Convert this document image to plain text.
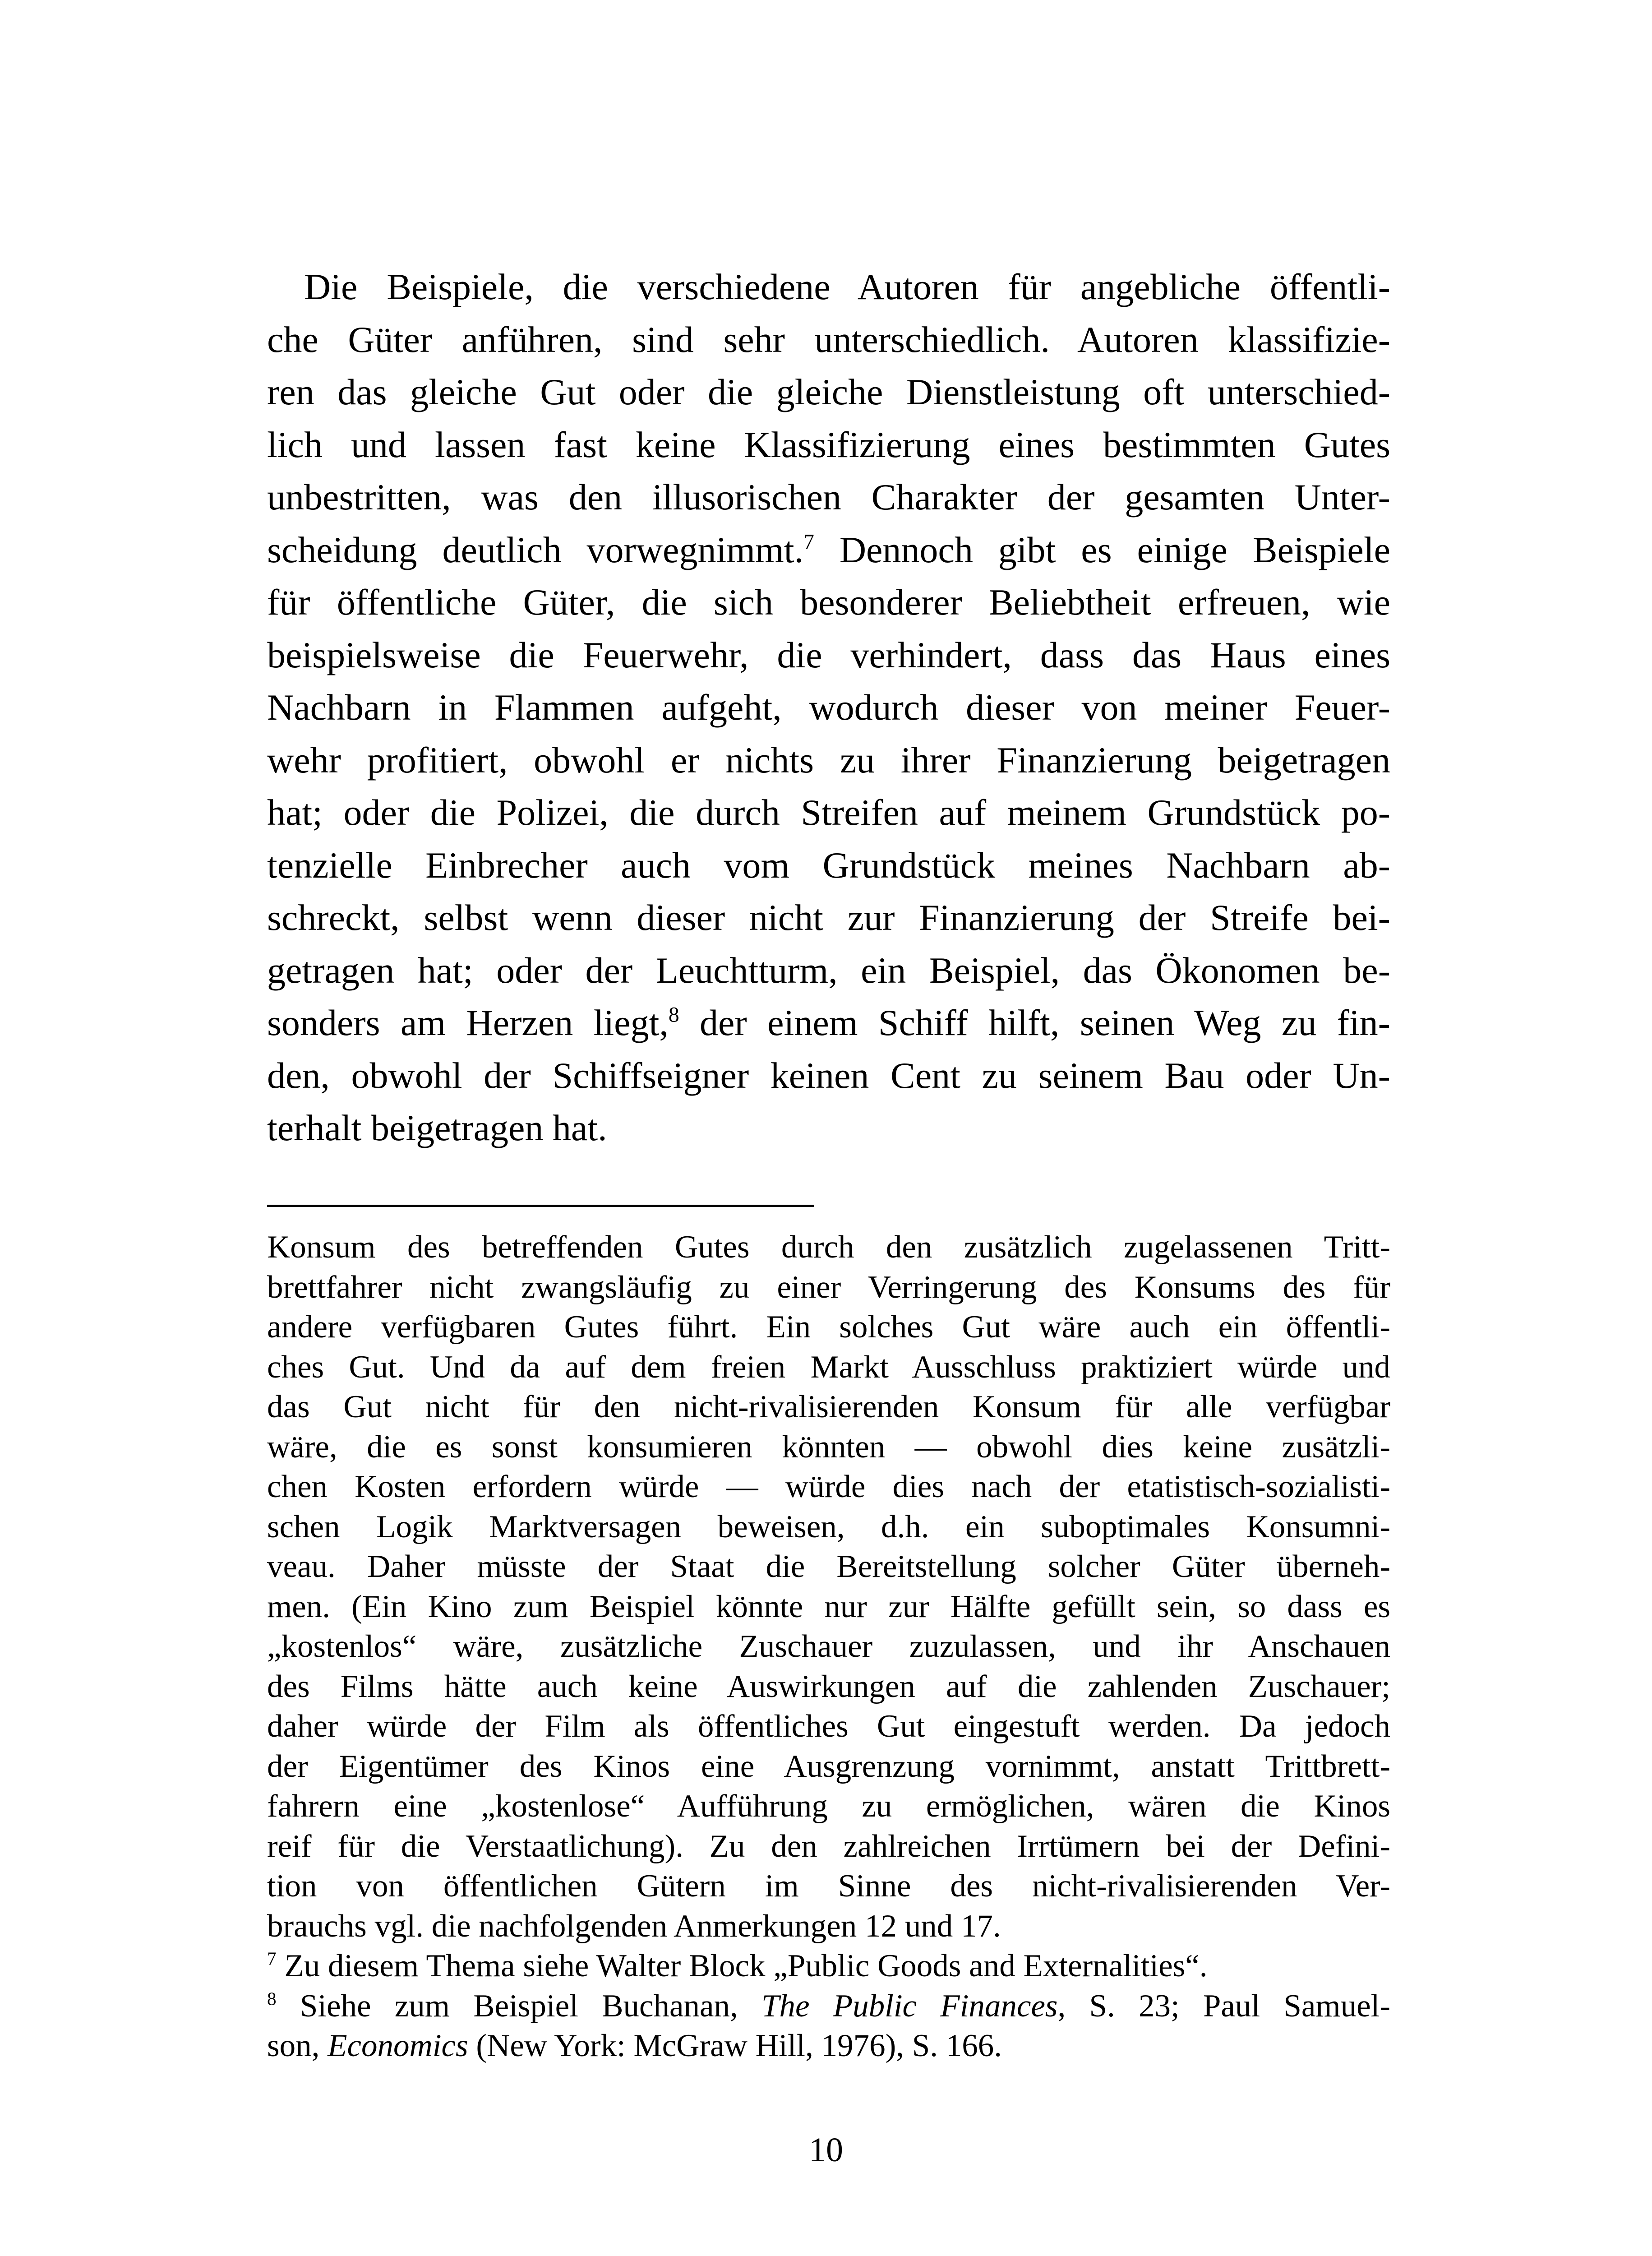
Die Beispiele, die verschiedene Autoren für angebliche öffentli-
che Güter anführen, sind sehr unterschiedlich. Autoren klassifizie-
ren das gleiche Gut oder die gleiche Dienstleistung oft unterschied-
lich und lassen fast keine Klassifizierung eines bestimmten Gutes
unbestritten, was den illusorischen Charakter der gesamten Unter-
scheidung deutlich vorwegnimmt.$^7$ Dennoch gibt es einige Beispiele
für öffentliche Güter, die sich besonderer Beliebtheit erfreuen, wie
beispielsweise die Feuerwehr, die verhindert, dass das Haus eines
Nachbarn in Flammen aufgeht, wodurch dieser von meiner Feuer-
wehr profitiert, obwohl er nichts zu ihrer Finanzierung beigetragen
hat; oder die Polizei, die durch Streifen auf meinem Grundstück po-
tenzielle Einbrecher auch vom Grundstück meines Nachbarn ab-
schreckt, selbst wenn dieser nicht zur Finanzierung der Streife bei-
getragen hat; oder der Leuchtturm, ein Beispiel, das Ökonomen be-
sonders am Herzen liegt,$^8$ der einem Schiff hilft, seinen Weg zu fin-
den, obwohl der Schiffseigner keinen Cent zu seinem Bau oder Un-
terhalt beigetragen hat.
Konsum des betreffenden Gutes durch den zusätzlich zugelassenen Tritt-
brettfahrer nicht zwangsläufig zu einer Verringerung des Konsums des für
andere verfügbaren Gutes führt. Ein solches Gut wäre auch ein öffentli-
ches Gut. Und da auf dem freien Markt Ausschluss praktiziert würde und
das Gut nicht für den nicht-rivalisierenden Konsum für alle verfügbar
wäre, die es sonst konsumieren könnten — obwohl dies keine zusätzli-
chen Kosten erfordern würde — würde dies nach der etatistisch-sozialisti-
schen Logik Marktversagen beweisen, d.h. ein suboptimales Konsumni-
veau. Daher müsste der Staat die Bereitstellung solcher Güter überneh-
men. (Ein Kino zum Beispiel könnte nur zur Hälfte gefüllt sein, so dass es
„kostenlos“ wäre, zusätzliche Zuschauer zuzulassen, und ihr Anschauen
des Films hätte auch keine Auswirkungen auf die zahlenden Zuschauer;
daher würde der Film als öffentliches Gut eingestuft werden. Da jedoch
der Eigentümer des Kinos eine Ausgrenzung vornimmt, anstatt Trittbrett-
fahrern eine „kostenlose“ Aufführung zu ermöglichen, wären die Kinos
reif für die Verstaatlichung). Zu den zahlreichen Irrtümern bei der Defini-
tion von öffentlichen Gütern im Sinne des nicht-rivalisierenden Ver-
brauchs vgl. die nachfolgenden Anmerkungen 12 und 17.
$^7$ Zu diesem Thema siehe Walter Block „Public Goods and Externalities“.
$^8$ Siehe zum Beispiel Buchanan, The Public Finances, S. 23; Paul Samuel-
son, Economics (New York: McGraw Hill, 1976), S. 166.
10
